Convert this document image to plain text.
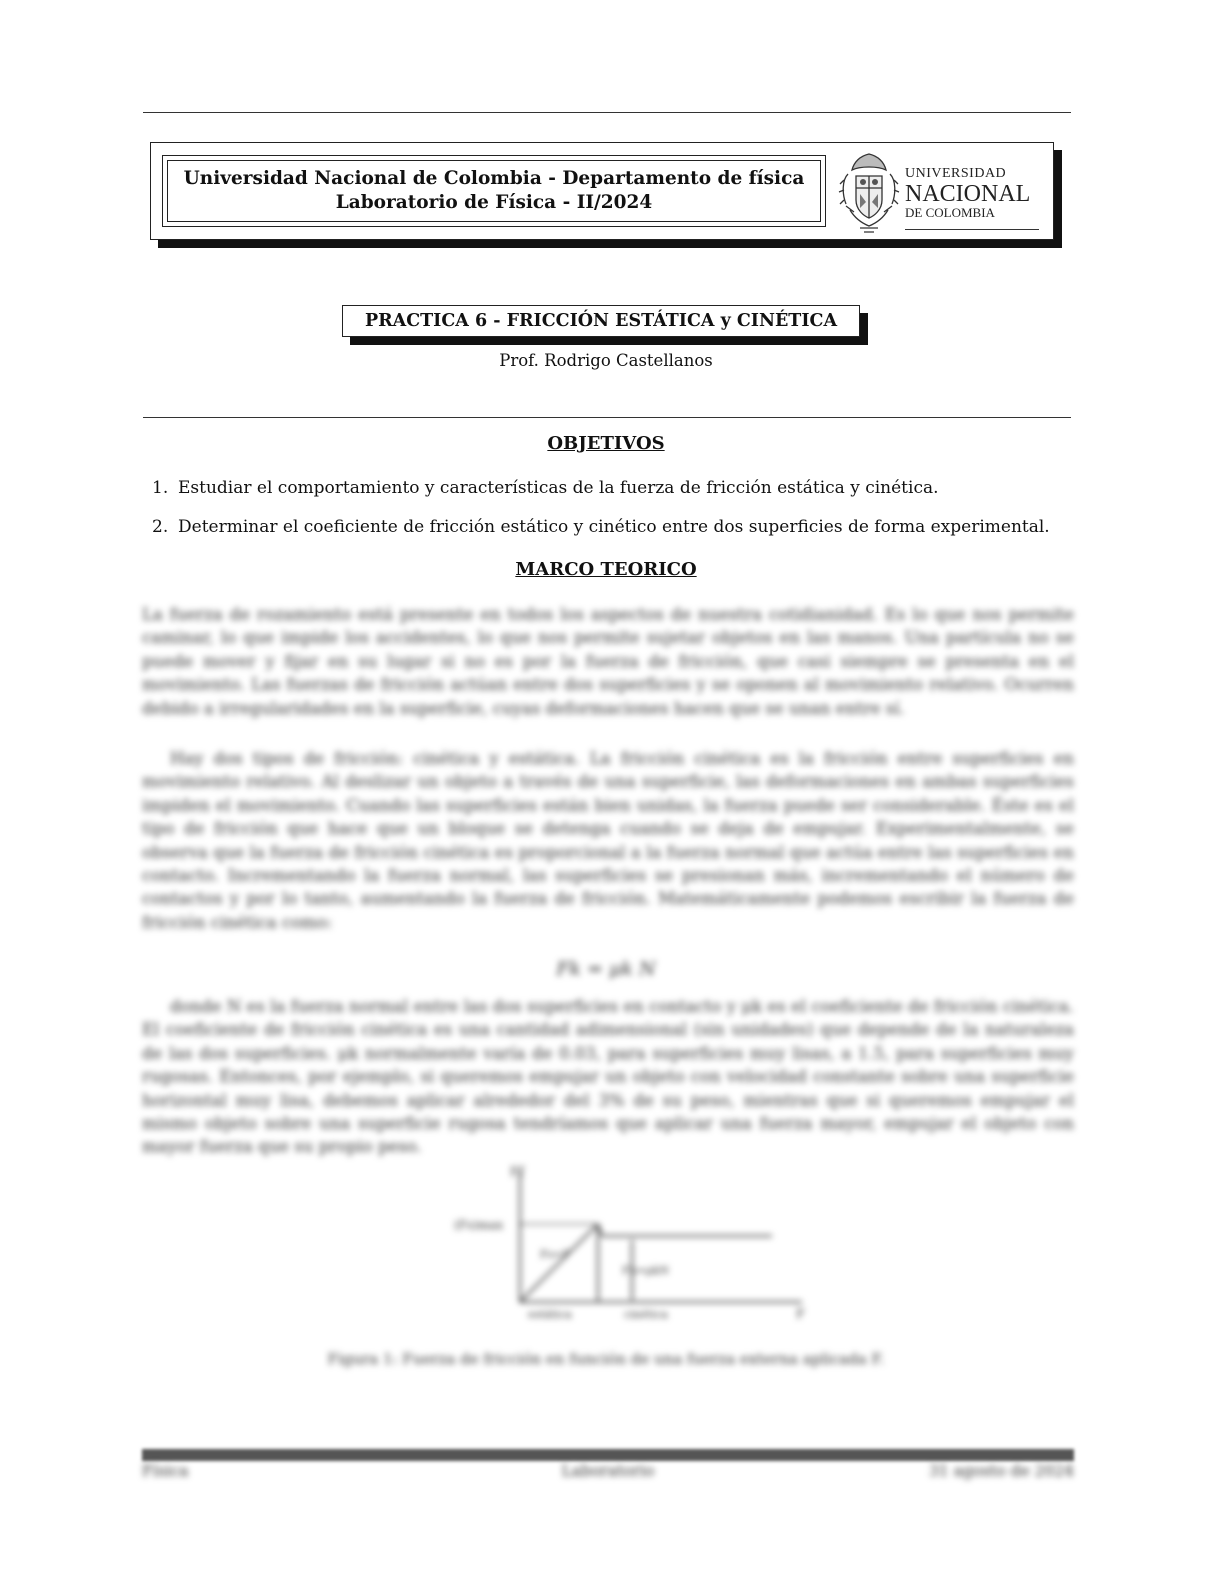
Universidad Nacional de Colombia - Departamento de física
Laboratorio de Física - II/2024
UNIVERSIDAD
NACIONAL
DE COLOMBIA
PRACTICA 6 - FRICCIÓN ESTÁTICA y CINÉTICA
Prof. Rodrigo Castellanos
OBJETIVOS
1. Estudiar el comportamiento y características de la fuerza de fricción estática y cinética.
2. Determinar el coeficiente de fricción estático y cinético entre dos superficies de forma experimental.
MARCO TEORICO

La fuerza de rozamiento está presente en todos los aspectos de nuestra cotidianidad. Es lo que nos permite caminar, lo que impide los accidentes, lo que nos permite sujetar objetos en las manos. Una partícula no se puede mover y fijar en su lugar si no es por la fuerza de fricción, que casi siempre se presenta en el movimiento. Las fuerzas de fricción actúan entre dos superficies y se oponen al movimiento relativo. Ocurren debido a irregularidades en la superficie, cuyas deformaciones hacen que se unan entre sí.

Hay dos tipos de fricción: cinética y estática. La fricción cinética es la fricción entre superficies en movimiento relativo. Al deslizar un objeto a través de una superficie, las deformaciones en ambas superficies impiden el movimiento. Cuando las superficies están bien unidas, la fuerza puede ser considerable. Éste es el tipo de fricción que hace que un bloque se detenga cuando se deja de empujar. Experimentalmente, se observa que la fuerza de fricción cinética es proporcional a la fuerza normal que actúa entre las superficies en contacto. Incrementando la fuerza normal, las superficies se presionan más, incrementando el número de contactos y por lo tanto, aumentando la fuerza de fricción. Matemáticamente podemos escribir la fuerza de fricción cinética como:

Fk = μk N

donde N es la fuerza normal entre las dos superficies en contacto y μk es el coeficiente de fricción cinética. El coeficiente de fricción cinética es una cantidad adimensional (sin unidades) que depende de la naturaleza de las dos superficies. μk normalmente varía de 0.03, para superficies muy lisas, a 1.5, para superficies muy rugosas. Entonces, por ejemplo, si queremos empujar un objeto con velocidad constante sobre una superficie horizontal muy lisa, debemos aplicar alrededor del 3% de su peso, mientras que si queremos empujar el mismo objeto sobre una superficie rugosa tendríamos que aplicar una fuerza mayor, empujar el objeto con mayor fuerza que su propio peso.

Ff
(Fs)max
Fs=F
Fk=μkN
estática	cinética	F
Figura 1: Fuerza de fricción en función de una fuerza externa aplicada F.
Física	Laboratorio	31 agosto de 2024
